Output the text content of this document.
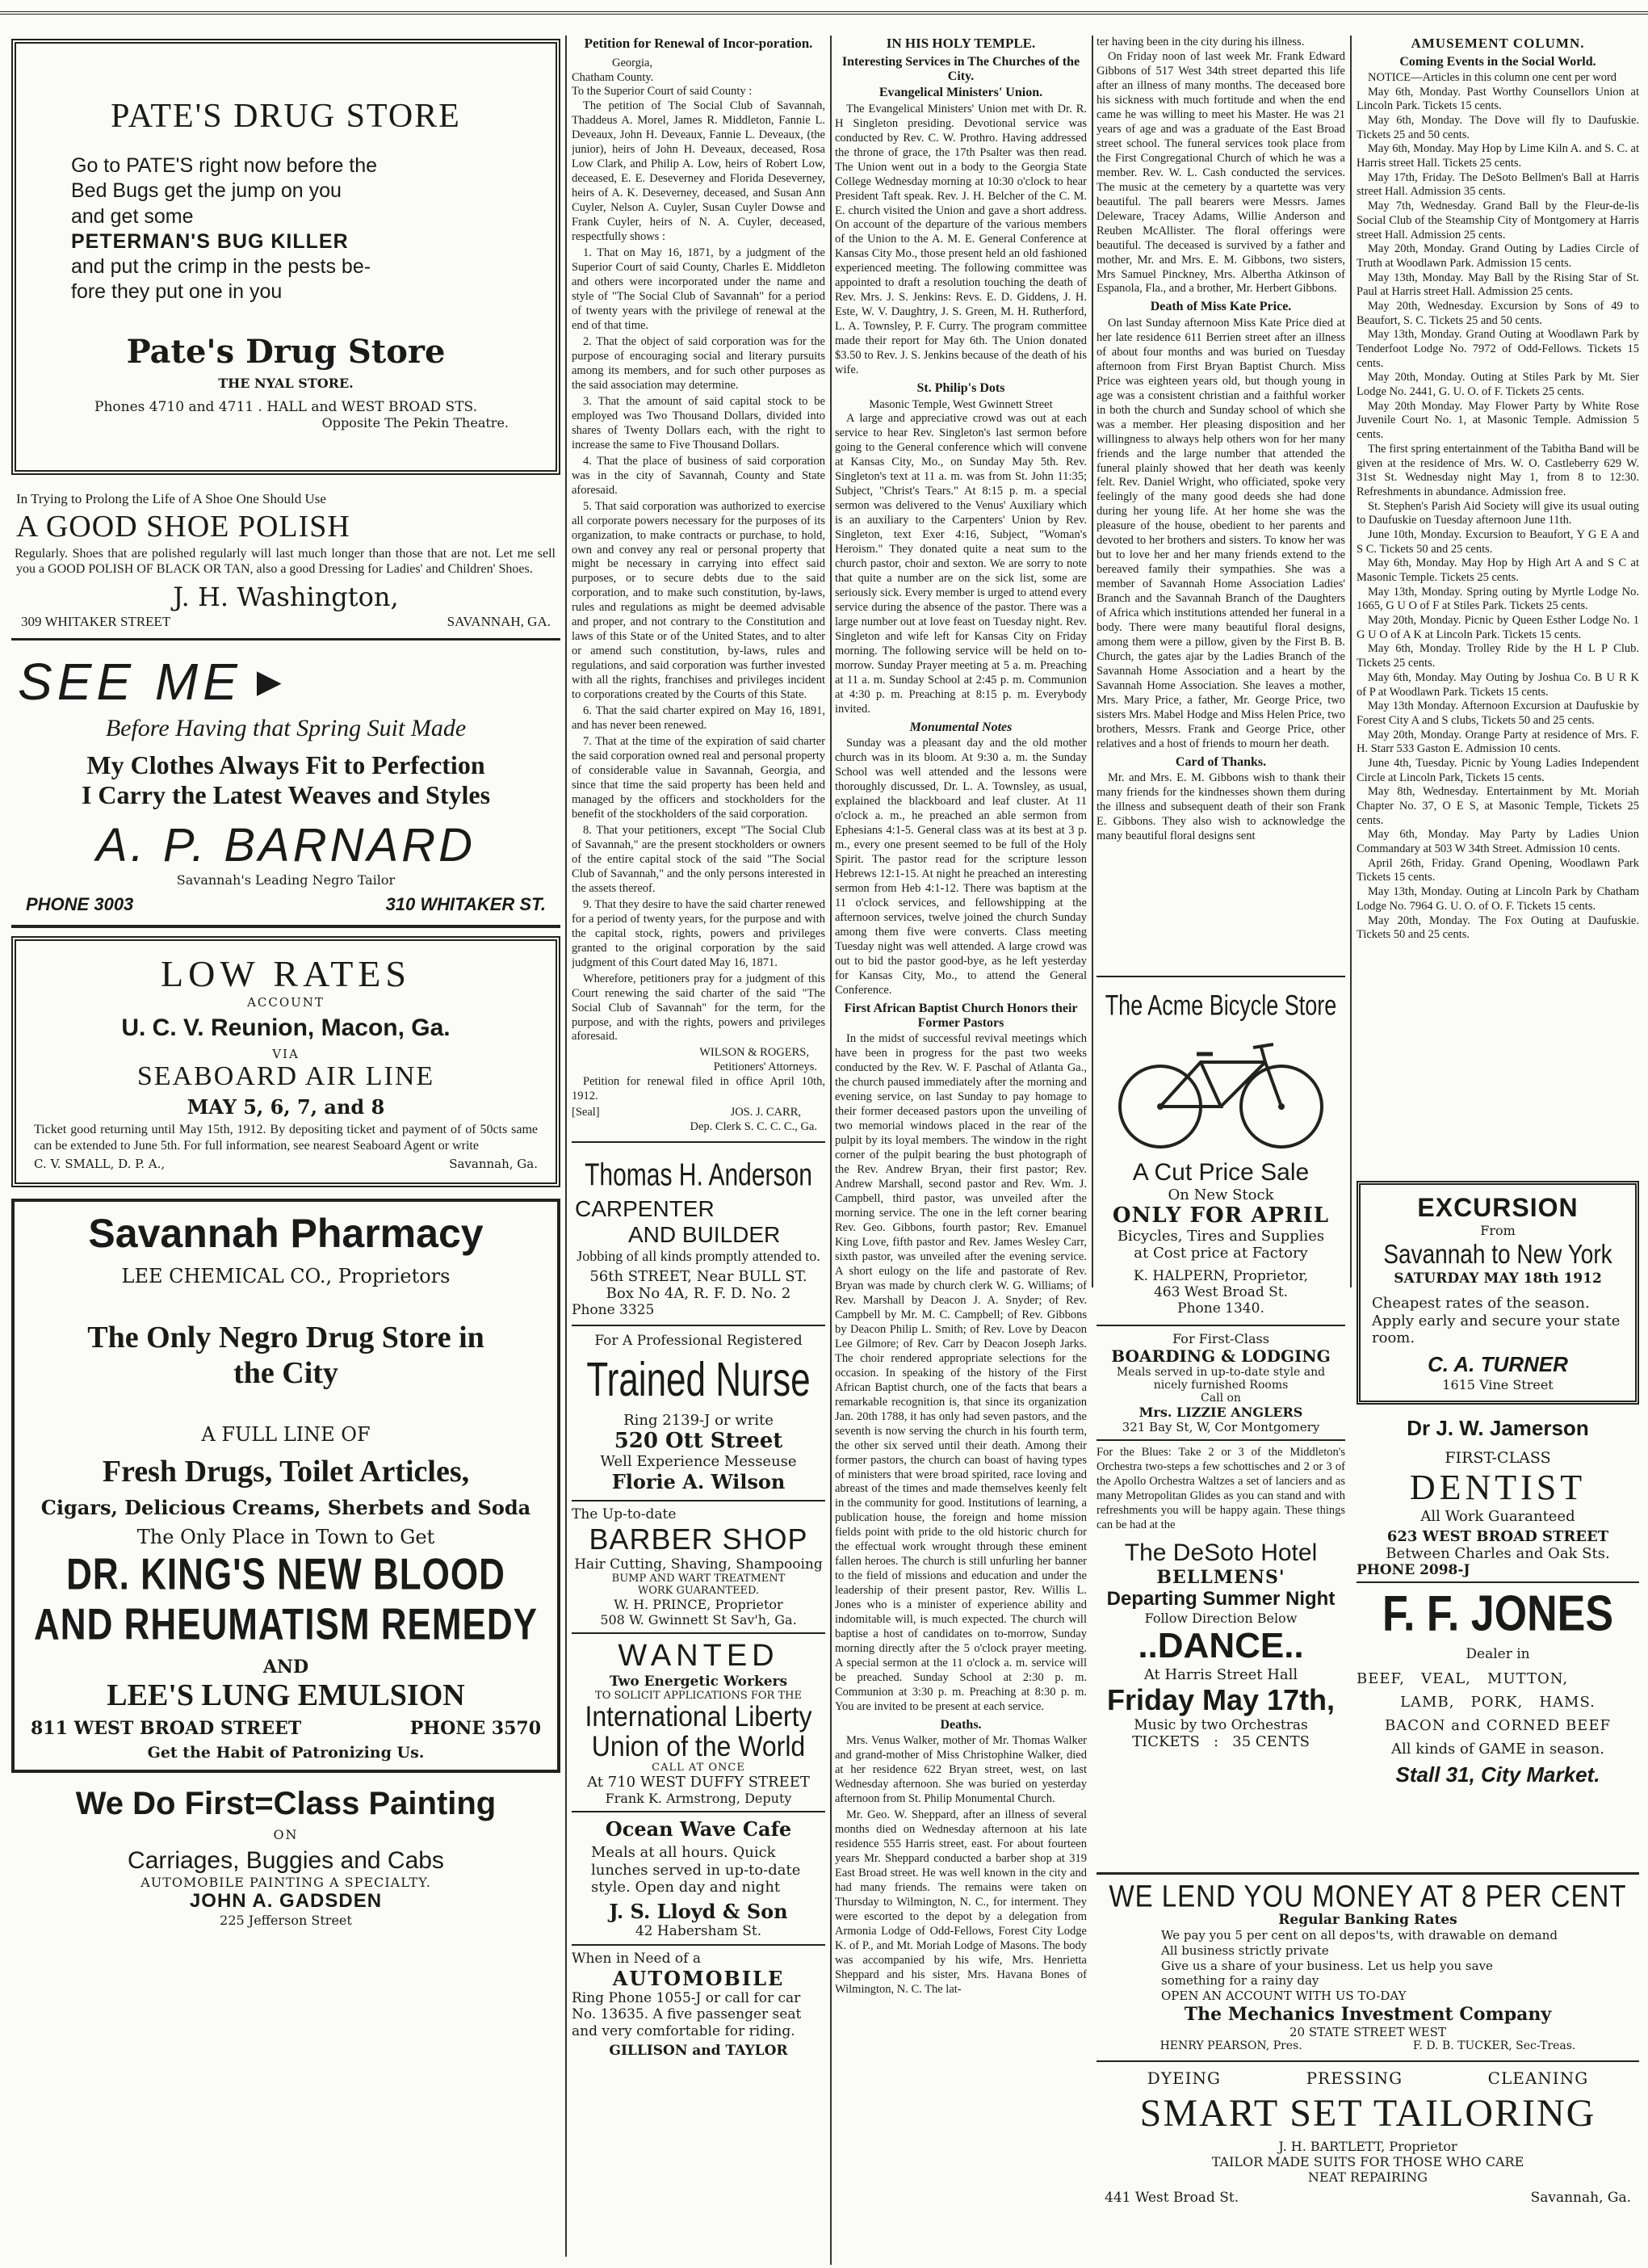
PATE'S DRUG STORE
Go to PATE'S right now before the
Bed Bugs get the jump on you
and get some
PETERMAN'S BUG KILLER
and put the crimp in the pests be-
fore they put one in you
Pate's Drug Store
THE NYAL STORE.
Phones 4710 and 4711 . HALL and WEST BROAD STS.
Opposite The Pekin Theatre.
In Trying to Prolong the Life of A Shoe One Should Use
A GOOD SHOE POLISH
Regularly. Shoes that are polished regularly will last much longer than those that are not. Let me sell you a GOOD POLISH OF BLACK OR TAN, also a good Dressing for Ladies' and Children' Shoes.
J. H. Washington,
309 WHITAKER STREET	SAVANNAH, GA.
SEE ME ▶
Before Having that Spring Suit Made
My Clothes Always Fit to Perfection
I Carry the Latest Weaves and Styles
A. P. BARNARD
Savannah's Leading Negro Tailor
PHONE 3003	310 WHITAKER ST.
LOW RATES
ACCOUNT
U. C. V. Reunion, Macon, Ga.
VIA
SEABOARD AIR LINE
MAY 5, 6, 7, and 8
Ticket good returning until May 15th, 1912. By depositing ticket and payment of of 50cts same can be extended to June 5th. For full information, see nearest Seaboard Agent or write
C. V. SMALL, D. P. A.,	Savannah, Ga.
Savannah Pharmacy
LEE CHEMICAL CO., Proprietors
The Only Negro Drug Store in
the City
A FULL LINE OF
Fresh Drugs, Toilet Articles,
Cigars, Delicious Creams, Sherbets and Soda
The Only Place in Town to Get
DR. KING'S NEW BLOOD
AND RHEUMATISM REMEDY
AND
LEE'S LUNG EMULSION
811 WEST BROAD STREET	PHONE 3570
Get the Habit of Patronizing Us.
We Do First=Class Painting
ON
Carriages, Buggies and Cabs
AUTOMOBILE PAINTING A SPECIALTY.
JOHN A. GADSDEN
225 Jefferson Street
Petition for Renewal of Incor-poration.
Georgia,
Chatham County.
To the Superior Court of said County :

The petition of The Social Club of Savannah, Thaddeus A. Morel, James R. Middleton, Fannie L. Deveaux, John H. Deveaux, Fannie L. Deveaux, (the junior), heirs of John H. Deveaux, deceased, Rosa Low Clark, and Philip A. Low, heirs of Robert Low, deceased, E. E. Deseverney and Florida Deseverney, heirs of A. K. Deseverney, deceased, and Susan Ann Cuyler, Nelson A. Cuyler, Susan Cuyler Dowse and Frank Cuyler, heirs of N. A. Cuyler, deceased, respectfully shows :

1. That on May 16, 1871, by a judgment of the Superior Court of said County, Charles E. Middleton and others were incorporated under the name and style of "The Social Club of Savannah" for a period of twenty years with the privilege of renewal at the end of that time.

2. That the object of said corporation was for the purpose of encouraging social and literary pursuits among its members, and for such other purposes as the said association may determine.

3. That the amount of said capital stock to be employed was Two Thousand Dollars, divided into shares of Twenty Dollars each, with the right to increase the same to Five Thousand Dollars.

4. That the place of business of said corporation was in the city of Savannah, County and State aforesaid.

5. That said corporation was authorized to exercise all corporate powers necessary for the purposes of its organization, to make contracts or purchase, to hold, own and convey any real or personal property that might be necessary in carrying into effect said purposes, or to secure debts due to the said corporation, and to make such constitution, by-laws, rules and regulations as might be deemed advisable and proper, and not contrary to the Constitution and laws of this State or of the United States, and to alter or amend such constitution, by-laws, rules and regulations, and said corporation was further invested with all the rights, franchises and privileges incident to corporations created by the Courts of this State.

6. That the said charter expired on May 16, 1891, and has never been renewed.

7. That at the time of the expiration of said charter the said corporation owned real and personal property of considerable value in Savannah, Georgia, and since that time the said property has been held and managed by the officers and stockholders for the benefit of the stockholders of the said corporation.

8. That your petitioners, except "The Social Club of Savannah," are the present stockholders or owners of the entire capital stock of the said "The Social Club of Savannah," and the only persons interested in the assets thereof.

9. That they desire to have the said charter renewed for a period of twenty years, for the purpose and with the capital stock, rights, powers and privileges granted to the original corporation by the said judgment of this Court dated May 16, 1871.

Wherefore, petitioners pray for a judgment of this Court renewing the said charter of the said "The Social Club of Savannah" for the term, for the purpose, and with the rights, powers and privileges aforesaid.

WILSON & ROGERS,
Petitioners' Attorneys.

Petition for renewal filed in office April 10th, 1912.

[Seal]	JOS. J. CARR,
Dep. Clerk S. C. C. C., Ga.
Thomas H. Anderson
CARPENTER
AND BUILDER
Jobbing of all kinds promptly attended to.
56th STREET, Near BULL ST.
Box No 4A, R. F. D. No. 2
Phone 3325
For A Professional Registered
Trained Nurse
Ring 2139-J or write
520 Ott Street
Well Experience Messeuse
Florie A. Wilson
The Up-to-date
BARBER SHOP
Hair Cutting, Shaving, Shampooing
BUMP AND WART TREATMENT
WORK GUARANTEED.
W. H. PRINCE, Proprietor
508 W. Gwinnett St Sav'h, Ga.
WANTED
Two Energetic Workers
TO SOLICIT APPLICATIONS FOR THE
International Liberty
Union of the World
CALL AT ONCE
At 710 WEST DUFFY STREET
Frank K. Armstrong, Deputy
Ocean Wave Cafe
Meals at all hours. Quick lunches served in up-to-date style. Open day and night
J. S. Lloyd & Son
42 Habersham St.
When in Need of a
AUTOMOBILE
Ring Phone 1055-J or call for car No. 13635. A five passenger seat and very comfortable for riding.
GILLISON and TAYLOR
IN HIS HOLY TEMPLE.
Interesting Services in The Churches of the City.
Evangelical Ministers' Union.

The Evangelical Ministers' Union met with Dr. R. H Singleton presiding. Devotional service was conducted by Rev. C. W. Prothro. Having addressed the throne of grace, the 17th Psalter was then read. The Union went out in a body to the Georgia State College Wednesday morning at 10:30 o'clock to hear President Taft speak. Rev. J. H. Belcher of the C. M. E. church visited the Union and gave a short address. On account of the departure of the various members of the Union to the A. M. E. General Conference at Kansas City Mo., those present held an old fashioned experienced meeting. The following committee was appointed to draft a resolution touching the death of Rev. Mrs. J. S. Jenkins: Revs. E. D. Giddens, J. H. Este, W. V. Daughtry, J. S. Green, M. H. Rutherford, L. A. Townsley, P. F. Curry. The program committee made their report for May 6th. The Union donated $3.50 to Rev. J. S. Jenkins because of the death of his wife.

St. Philip's Dots
Masonic Temple, West Gwinnett Street

A large and appreciative crowd was out at each service to hear Rev. Singleton's last sermon before going to the General conference which will convene at Kansas City, Mo., on Sunday May 5th. Rev. Singleton's text at 11 a. m. was from St. John 11:35; Subject, "Christ's Tears." At 8:15 p. m. a special sermon was delivered to the Venus' Auxiliary which is an auxiliary to the Carpenters' Union by Rev. Singleton, text Exer 4:16, Subject, "Woman's Heroism." They donated quite a neat sum to the church pastor, choir and sexton. We are sorry to note that quite a number are on the sick list, some are seriously sick. Every member is urged to attend every service during the absence of the pastor. There was a large number out at love feast on Tuesday night. Rev. Singleton and wife left for Kansas City on Friday morning. The following service will be held on to-morrow. Sunday Prayer meeting at 5 a. m. Preaching at 11 a. m. Sunday School at 2:45 p. m. Communion at 4:30 p. m. Preaching at 8:15 p. m. Everybody invited.

Monumental Notes

Sunday was a pleasant day and the old mother church was in its bloom. At 9:30 a. m. the Sunday School was well attended and the lessons were thoroughly discussed, Dr. L. A. Townsley, as usual, explained the blackboard and leaf cluster. At 11 o'clock a. m., he preached an able sermon from Ephesians 4:1-5. General class was at its best at 3 p. m., every one present seemed to be full of the Holy Spirit. The pastor read for the scripture lesson Hebrews 12:1-15. At night he preached an interesting sermon from Heb 4:1-12. There was baptism at the 11 o'clock services, and fellowshipping at the afternoon services, twelve joined the church Sunday among them five were converts. Class meeting Tuesday night was well attended. A large crowd was out to bid the pastor good-bye, as he left yesterday for Kansas City, Mo., to attend the General Conference.

First African Baptist Church Honors their Former Pastors

In the midst of successful revival meetings which have been in progress for the past two weeks conducted by the Rev. W. F. Paschal of Atlanta Ga., the church paused immediately after the morning and evening service, on last Sunday to pay homage to their former deceased pastors upon the unveiling of two memorial windows placed in the rear of the pulpit by its loyal members. The window in the right corner of the pulpit bearing the bust photograph of the Rev. Andrew Bryan, their first pastor; Rev. Andrew Marshall, second pastor and Rev. Wm. J. Campbell, third pastor, was unveiled after the morning service. The one in the left corner bearing Rev. Geo. Gibbons, fourth pastor; Rev. Emanuel King Love, fifth pastor and Rev. James Wesley Carr, sixth pastor, was unveiled after the evening service. A short eulogy on the life and pastorate of Rev. Bryan was made by church clerk W. G. Williams; of Rev. Marshall by Deacon J. A. Snyder; of Rev. Campbell by Mr. M. C. Campbell; of Rev. Gibbons by Deacon Philip L. Smith; of Rev. Love by Deacon Lee Gilmore; of Rev. Carr by Deacon Joseph Jarks. The choir rendered appropriate selections for the occasion. In speaking of the history of the First African Baptist church, one of the facts that bears a remarkable recognition is, that since its organization Jan. 20th 1788, it has only had seven pastors, and the seventh is now serving the church in his fourth term, the other six served until their death. Among their former pastors, the church can boast of having types of ministers that were broad spirited, race loving and abreast of the times and made themselves keenly felt in the community for good. Institutions of learning, a publication house, the foreign and home mission fields point with pride to the old historic church for the effectual work wrought through these eminent fallen heroes. The church is still unfurling her banner to the field of missions and education and under the leadership of their present pastor, Rev. Willis L. Jones who is a minister of experience ability and indomitable will, is much expected. The church will baptise a host of candidates on to-morrow, Sunday morning directly after the 5 o'clock prayer meeting. A special sermon at the 11 o'clock a. m. service will be preached. Sunday School at 2:30 p. m. Communion at 3:30 p. m. Preaching at 8:30 p. m. You are invited to be present at each service.

Deaths.

Mrs. Venus Walker, mother of Mr. Thomas Walker and grand-mother of Miss Christophine Walker, died at her residence 622 Bryan street, west, on last Wednesday afternoon. She was buried on yesterday afternoon from St. Philip Monumental Church.

Mr. Geo. W. Sheppard, after an illness of several months died on Wednesday afternoon at his late residence 555 Harris street, east. For about fourteen years Mr. Sheppard conducted a barber shop at 319 East Broad street. He was well known in the city and had many friends. The remains were taken on Thursday to Wilmington, N. C., for interment. They were escorted to the depot by a delegation from Armonia Lodge of Odd-Fellows, Forest City Lodge K. of P., and Mt. Moriah Lodge of Masons. The body was accompanied by his wife, Mrs. Henrietta Sheppard and his sister, Mrs. Havana Bones of Wilmington, N. C. The lat-

ter having been in the city during his illness.

On Friday noon of last week Mr. Frank Edward Gibbons of 517 West 34th street departed this life after an illness of many months. The deceased bore his sickness with much fortitude and when the end came he was willing to meet his Master. He was 21 years of age and was a graduate of the East Broad street school. The funeral services took place from the First Congregational Church of which he was a member. Rev. W. L. Cash conducted the services. The music at the cemetery by a quartette was very beautiful. The pall bearers were Messrs. James Deleware, Tracey Adams, Willie Anderson and Reuben McAllister. The floral offerings were beautiful. The deceased is survived by a father and mother, Mr. and Mrs. E. M. Gibbons, two sisters, Mrs Samuel Pinckney, Mrs. Albertha Atkinson of Espanola, Fla., and a brother, Mr. Herbert Gibbons.

Death of Miss Kate Price.

On last Sunday afternoon Miss Kate Price died at her late residence 611 Berrien street after an illness of about four months and was buried on Tuesday afternoon from First Bryan Baptist Church. Miss Price was eighteen years old, but though young in age was a consistent christian and a faithful worker in both the church and Sunday school of which she was a member. Her pleasing disposition and her willingness to always help others won for her many friends and the large number that attended the funeral plainly showed that her death was keenly felt. Rev. Daniel Wright, who officiated, spoke very feelingly of the many good deeds she had done during her young life. At her home she was the pleasure of the house, obedient to her parents and devoted to her brothers and sisters. To know her was but to love her and her many friends extend to the bereaved family their sympathies. She was a member of Savannah Home Association Ladies' Branch and the Savannah Branch of the Daughters of Africa which institutions attended her funeral in a body. There were many beautiful floral designs, among them were a pillow, given by the First B. B. Church, the gates ajar by the Ladies Branch of the Savannah Home Association and a heart by the Savannah Home Association. She leaves a mother, Mrs. Mary Price, a father, Mr. George Price, two sisters Mrs. Mabel Hodge and Miss Helen Price, two brothers, Messrs. Frank and George Price, other relatives and a host of friends to mourn her death.

Card of Thanks.

Mr. and Mrs. E. M. Gibbons wish to thank their many friends for the kindnesses shown them during the illness and subsequent death of their son Frank E. Gibbons. They also wish to acknowledge the many beautiful floral designs sent

The Acme Bicycle Store
A Cut Price Sale
On New Stock
ONLY FOR APRIL
Bicycles, Tires and Supplies
at Cost price at Factory
K. HALPERN, Proprietor,
463 West Broad St.
Phone 1340.
For First-Class
BOARDING & LODGING
Meals served in up-to-date style and nicely furnished Rooms
Call on
Mrs. LIZZIE ANGLERS
321 Bay St, W, Cor Montgomery
For the Blues: Take 2 or 3 of the Middleton's Orchestra two-steps a few schottisches and 2 or 3 of the Apollo Orchestra Waltzes a set of lanciers and as many Metropolitan Glides as you can stand and with refreshments you will be happy again. These things can be had at the
The DeSoto Hotel
BELLMENS'
Departing Summer Night
Follow Direction Below
..DANCE..
At Harris Street Hall
Friday May 17th,
Music by two Orchestras
TICKETS   :   35 CENTS
AMUSEMENT COLUMN.
Coming Events in the Social World.
NOTICE—Articles in this column one cent per word
May 6th, Monday. Past Worthy Counsellors Union at Lincoln Park. Tickets 15 cents.
May 6th, Monday. The Dove will fly to Daufuskie. Tickets 25 and 50 cents.
May 6th, Monday. May Hop by Lime Kiln A. and S. C. at Harris street Hall. Tickets 25 cents.
May 17th, Friday. The DeSoto Bellmen's Ball at Harris street Hall. Admission 35 cents.
May 7th, Wednesday. Grand Ball by the Fleur-de-lis Social Club of the Steamship City of Montgomery at Harris street Hall. Admission 25 cents.
May 20th, Monday. Grand Outing by Ladies Circle of Truth at Woodlawn Park. Admission 15 cents.
May 13th, Monday. May Ball by the Rising Star of St. Paul at Harris street Hall. Admission 25 cents.
May 20th, Wednesday. Excursion by Sons of 49 to Beaufort, S. C. Tickets 25 and 50 cents.
May 13th, Monday. Grand Outing at Woodlawn Park by Tenderfoot Lodge No. 7972 of Odd-Fellows. Tickets 15 cents.
May 20th, Monday. Outing at Stiles Park by Mt. Sier Lodge No. 2441, G. U. O. of F. Tickets 25 cents.
May 20th Monday. May Flower Party by White Rose Juvenile Court No. 1, at Masonic Temple. Admission 5 cents.
The first spring entertainment of the Tabitha Band will be given at the residence of Mrs. W. O. Castleberry 629 W. 31st St. Wednesday night May 1, from 8 to 12:30. Refreshments in abundance. Admission free.
St. Stephen's Parish Aid Society will give its usual outing to Daufuskie on Tuesday afternoon June 11th.
June 10th, Monday. Excursion to Beaufort, Y G E A and S C. Tickets 50 and 25 cents.
May 6th, Monday. May Hop by High Art A and S C at Masonic Temple. Tickets 25 cents.
May 13th, Monday. Spring outing by Myrtle Lodge No. 1665, G U O of F at Stiles Park. Tickets 25 cents.
May 20th, Monday. Picnic by Queen Esther Lodge No. 1 G U O of A K at Lincoln Park. Tickets 15 cents.
May 6th, Monday. Trolley Ride by the H L P Club. Tickets 25 cents.
May 6th, Monday. May Outing by Joshua Co. B U R K of P at Woodlawn Park. Tickets 15 cents.
May 13th Monday. Afternoon Excursion at Daufuskie by Forest City A and S clubs, Tickets 50 and 25 cents.
May 20th, Monday. Orange Party at residence of Mrs. F. H. Starr 533 Gaston E. Admission 10 cents.
June 4th, Tuesday. Picnic by Young Ladies Independent Circle at Lincoln Park, Tickets 15 cents.
May 8th, Wednesday. Entertainment by Mt. Moriah Chapter No. 37, O E S, at Masonic Temple, Tickets 25 cents.
May 6th, Monday. May Party by Ladies Union Commandary at 503 W 34th Street. Admission 10 cents.
April 26th, Friday. Grand Opening, Woodlawn Park Tickets 15 cents.
May 13th, Monday. Outing at Lincoln Park by Chatham Lodge No. 7964 G. U. O. of O. F. Tickets 15 cents.
May 20th, Monday. The Fox Outing at Daufuskie. Tickets 50 and 25 cents.
EXCURSION
From
Savannah to New York
SATURDAY MAY 18th 1912
Cheapest rates of the season. Apply early and secure your state room.
C. A. TURNER
1615 Vine Street
Dr J. W. Jamerson
FIRST-CLASS
DENTIST
All Work Guaranteed
623 WEST BROAD STREET
Between Charles and Oak Sts.
PHONE 2098-J
F. F. JONES
Dealer in
BEEF,   VEAL,   MUTTON,
LAMB,   PORK,   HAMS.
BACON and CORNED BEEF
All kinds of GAME in season.
Stall 31, City Market.
WE LEND YOU MONEY AT 8 PER CENT
Regular Banking Rates
We pay you 5 per cent on all depos'ts, with drawable on demand
All business strictly private
Give us a share of your business. Let us help you save
something for a rainy day
OPEN AN ACCOUNT WITH US TO-DAY
The Mechanics Investment Company
20 STATE STREET WEST
HENRY PEARSON, Pres.	F. D. B. TUCKER, Sec-Treas.
DYEING	PRESSING	CLEANING
SMART SET TAILORING
J. H. BARTLETT, Proprietor
TAILOR MADE SUITS FOR THOSE WHO CARE
NEAT REPAIRING
441 West Broad St.	Savannah, Ga.
